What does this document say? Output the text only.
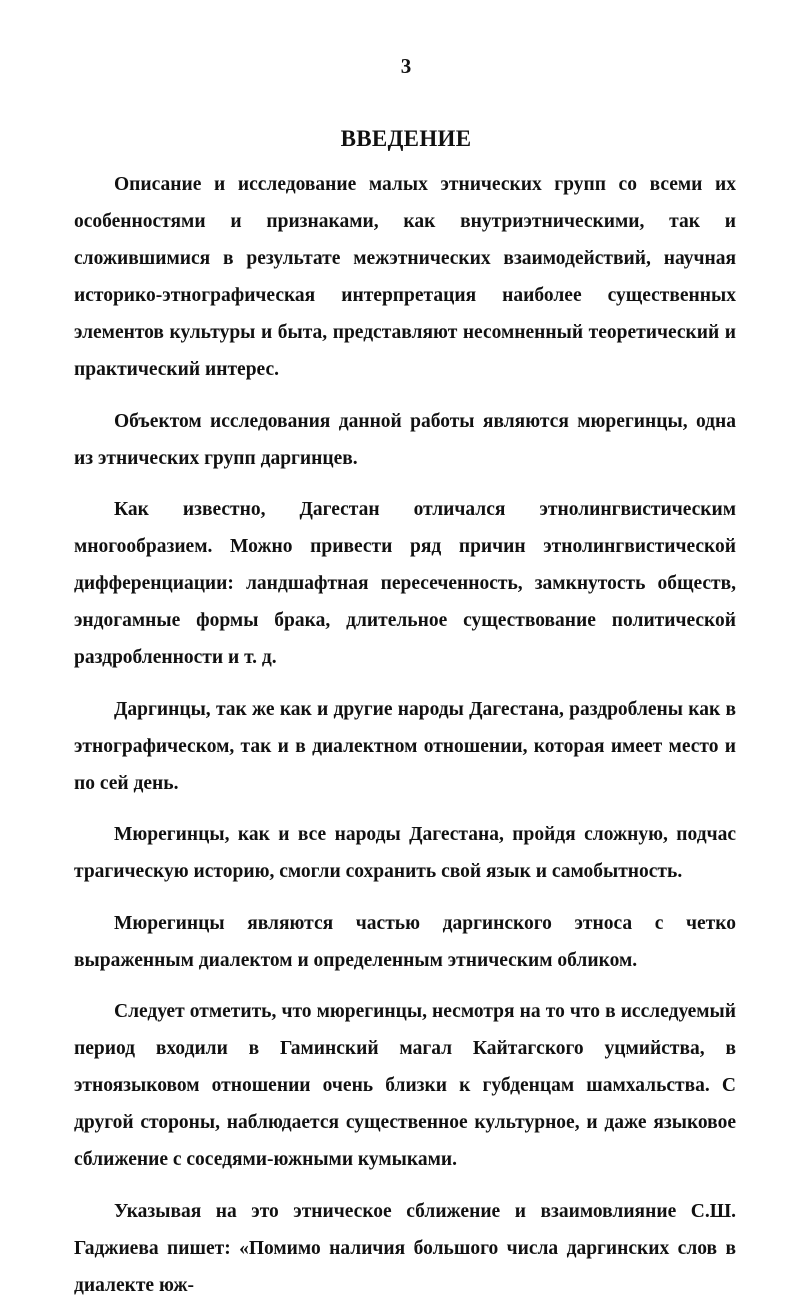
3
ВВЕДЕНИЕ

Описание и исследование малых этнических групп со всеми их особенностями и признаками, как внутриэтническими, так и сложившимися в результате межэтнических взаимодействий, научная историко-этнографическая интерпретация наиболее существенных элементов культуры и быта, представляют несомненный теоретический и практический интерес.

Объектом исследования данной работы являются мюрегинцы, одна из этнических групп даргинцев.

Как известно, Дагестан отличался этнолингвистическим многообразием. Можно привести ряд причин этнолингвистической дифференциации: ландшафтная пересеченность, замкнутость обществ, эндогамные формы брака, длительное существование политической раздробленности и т. д.

Даргинцы, так же как и другие народы Дагестана, раздроблены как в этнографическом, так и в диалектном отношении, которая имеет место и по сей день.

Мюрегинцы, как и все народы Дагестана, пройдя сложную, подчас трагическую историю, смогли сохранить свой язык и самобытность.

Мюрегинцы являются частью даргинского этноса с четко выраженным диалектом и определенным этническим обликом.

Следует отметить, что мюрегинцы, несмотря на то что в исследуемый период входили в Гаминский магал Кайтагского уцмийства, в этноязыковом отношении очень близки к губденцам шамхальства. С другой стороны, наблюдается существенное культурное, и даже языковое сближение с соседями-южными кумыками.

Указывая на это этническое сближение и взаимовлияние С.Ш. Гаджиева пишет: «Помимо наличия большого числа даргинских слов в диалекте юж-
